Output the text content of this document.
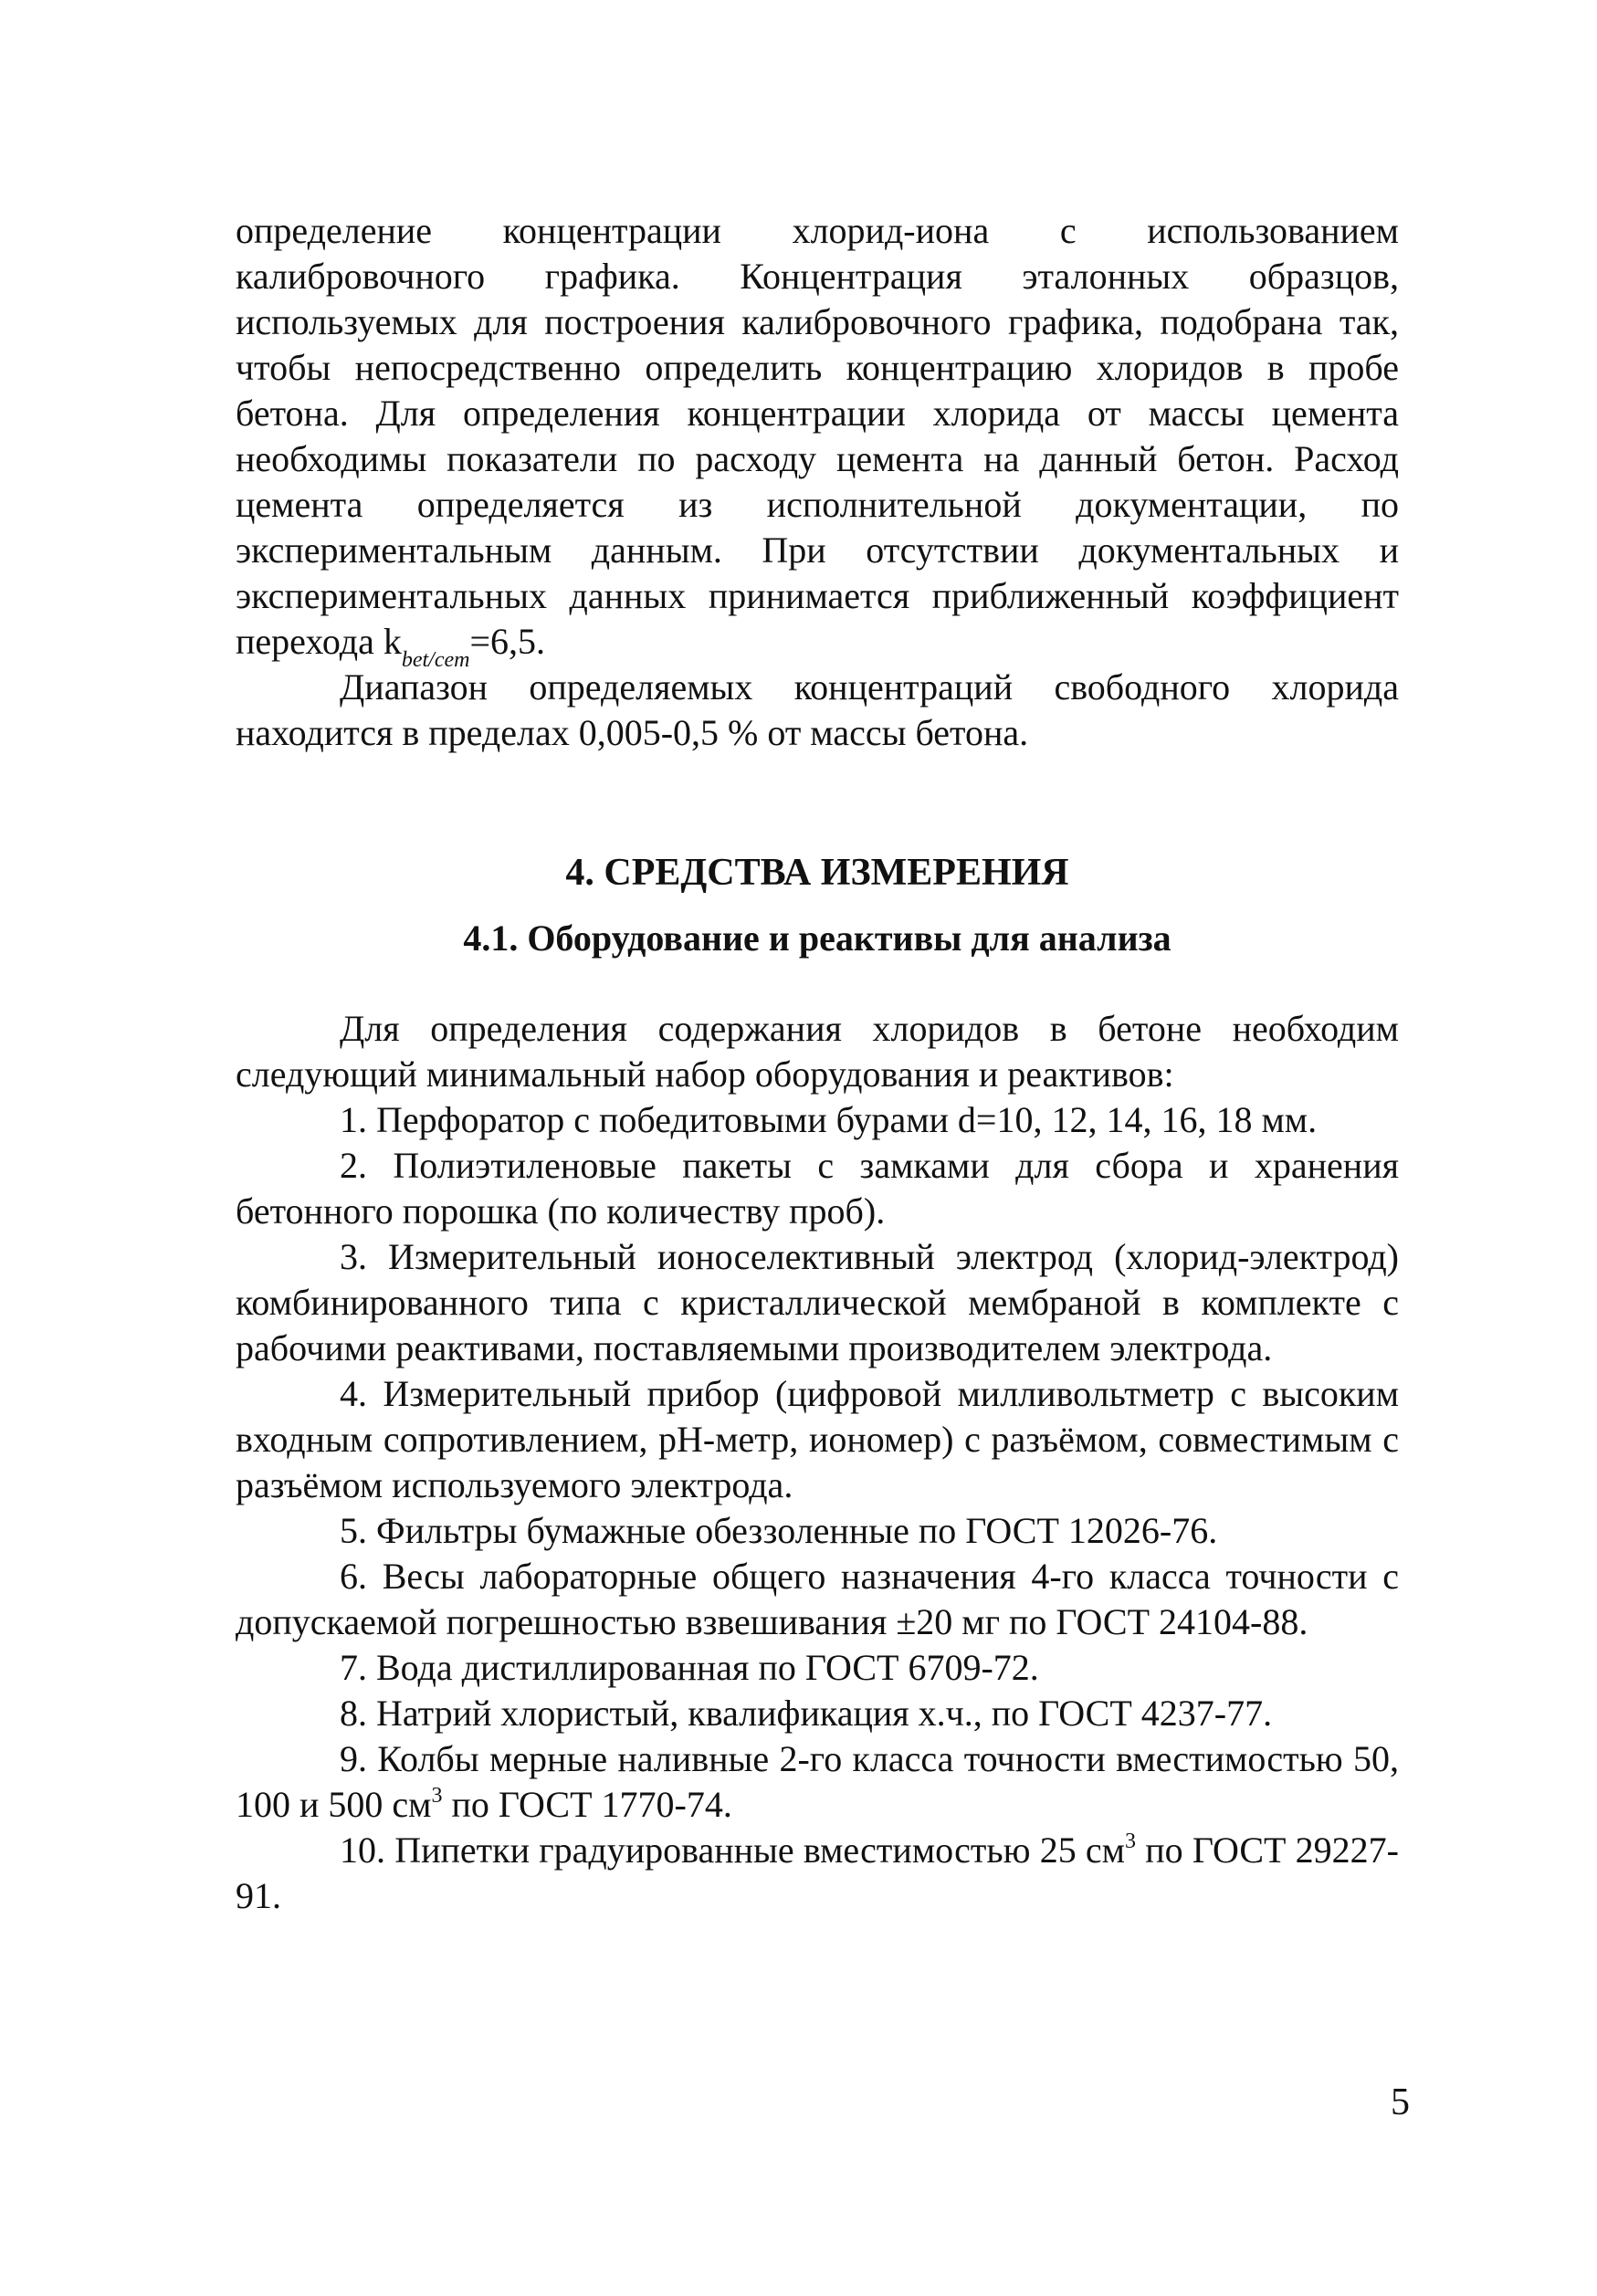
определение концентрации хлорид-иона с использованием калибровочного графика. Концентрация эталонных образцов, используемых для построения калибровочного графика, подобрана так, чтобы непосредственно определить концентрацию хлоридов в пробе бетона. Для определения концентрации хлорида от массы цемента необходимы показатели по расходу цемента на данный бетон. Расход цемента определяется из исполнительной документации, по экспериментальным данным. При отсутствии документальных и экспериментальных данных принимается приближенный коэффициент перехода $k_{bet/cem}=6,5$.

Диапазон определяемых концентраций свободного хлорида находится в пределах 0,005-0,5 % от массы бетона.

4. СРЕДСТВА ИЗМЕРЕНИЯ
4.1. Оборудование и реактивы для анализа

Для определения содержания хлоридов в бетоне необходим следующий минимальный набор оборудования и реактивов:

1. Перфоратор с победитовыми бурами d=10, 12, 14, 16, 18 мм.

2. Полиэтиленовые пакеты с замками для сбора и хранения бетонного порошка (по количеству проб).

3. Измерительный ионоселективный электрод (хлорид-электрод) комбинированного типа с кристаллической мембраной в комплекте с рабочими реактивами, поставляемыми производителем электрода.

4. Измерительный прибор (цифровой милливольтметр с высоким входным сопротивлением, pH-метр, иономер) с разъёмом, совместимым с разъёмом используемого электрода.

5. Фильтры бумажные обеззоленные по ГОСТ 12026-76.

6. Весы лабораторные общего назначения 4-го класса точности с допускаемой погрешностью взвешивания ±20 мг по ГОСТ 24104-88.

7. Вода дистиллированная по ГОСТ 6709-72.

8. Натрий хлористый, квалификация х.ч., по ГОСТ 4237-77.

9. Колбы мерные наливные 2-го класса точности вместимостью 50, 100 и 500 $см^3$ по ГОСТ 1770-74.

10. Пипетки градуированные вместимостью 25 $см^3$ по ГОСТ 29227-91.

5
